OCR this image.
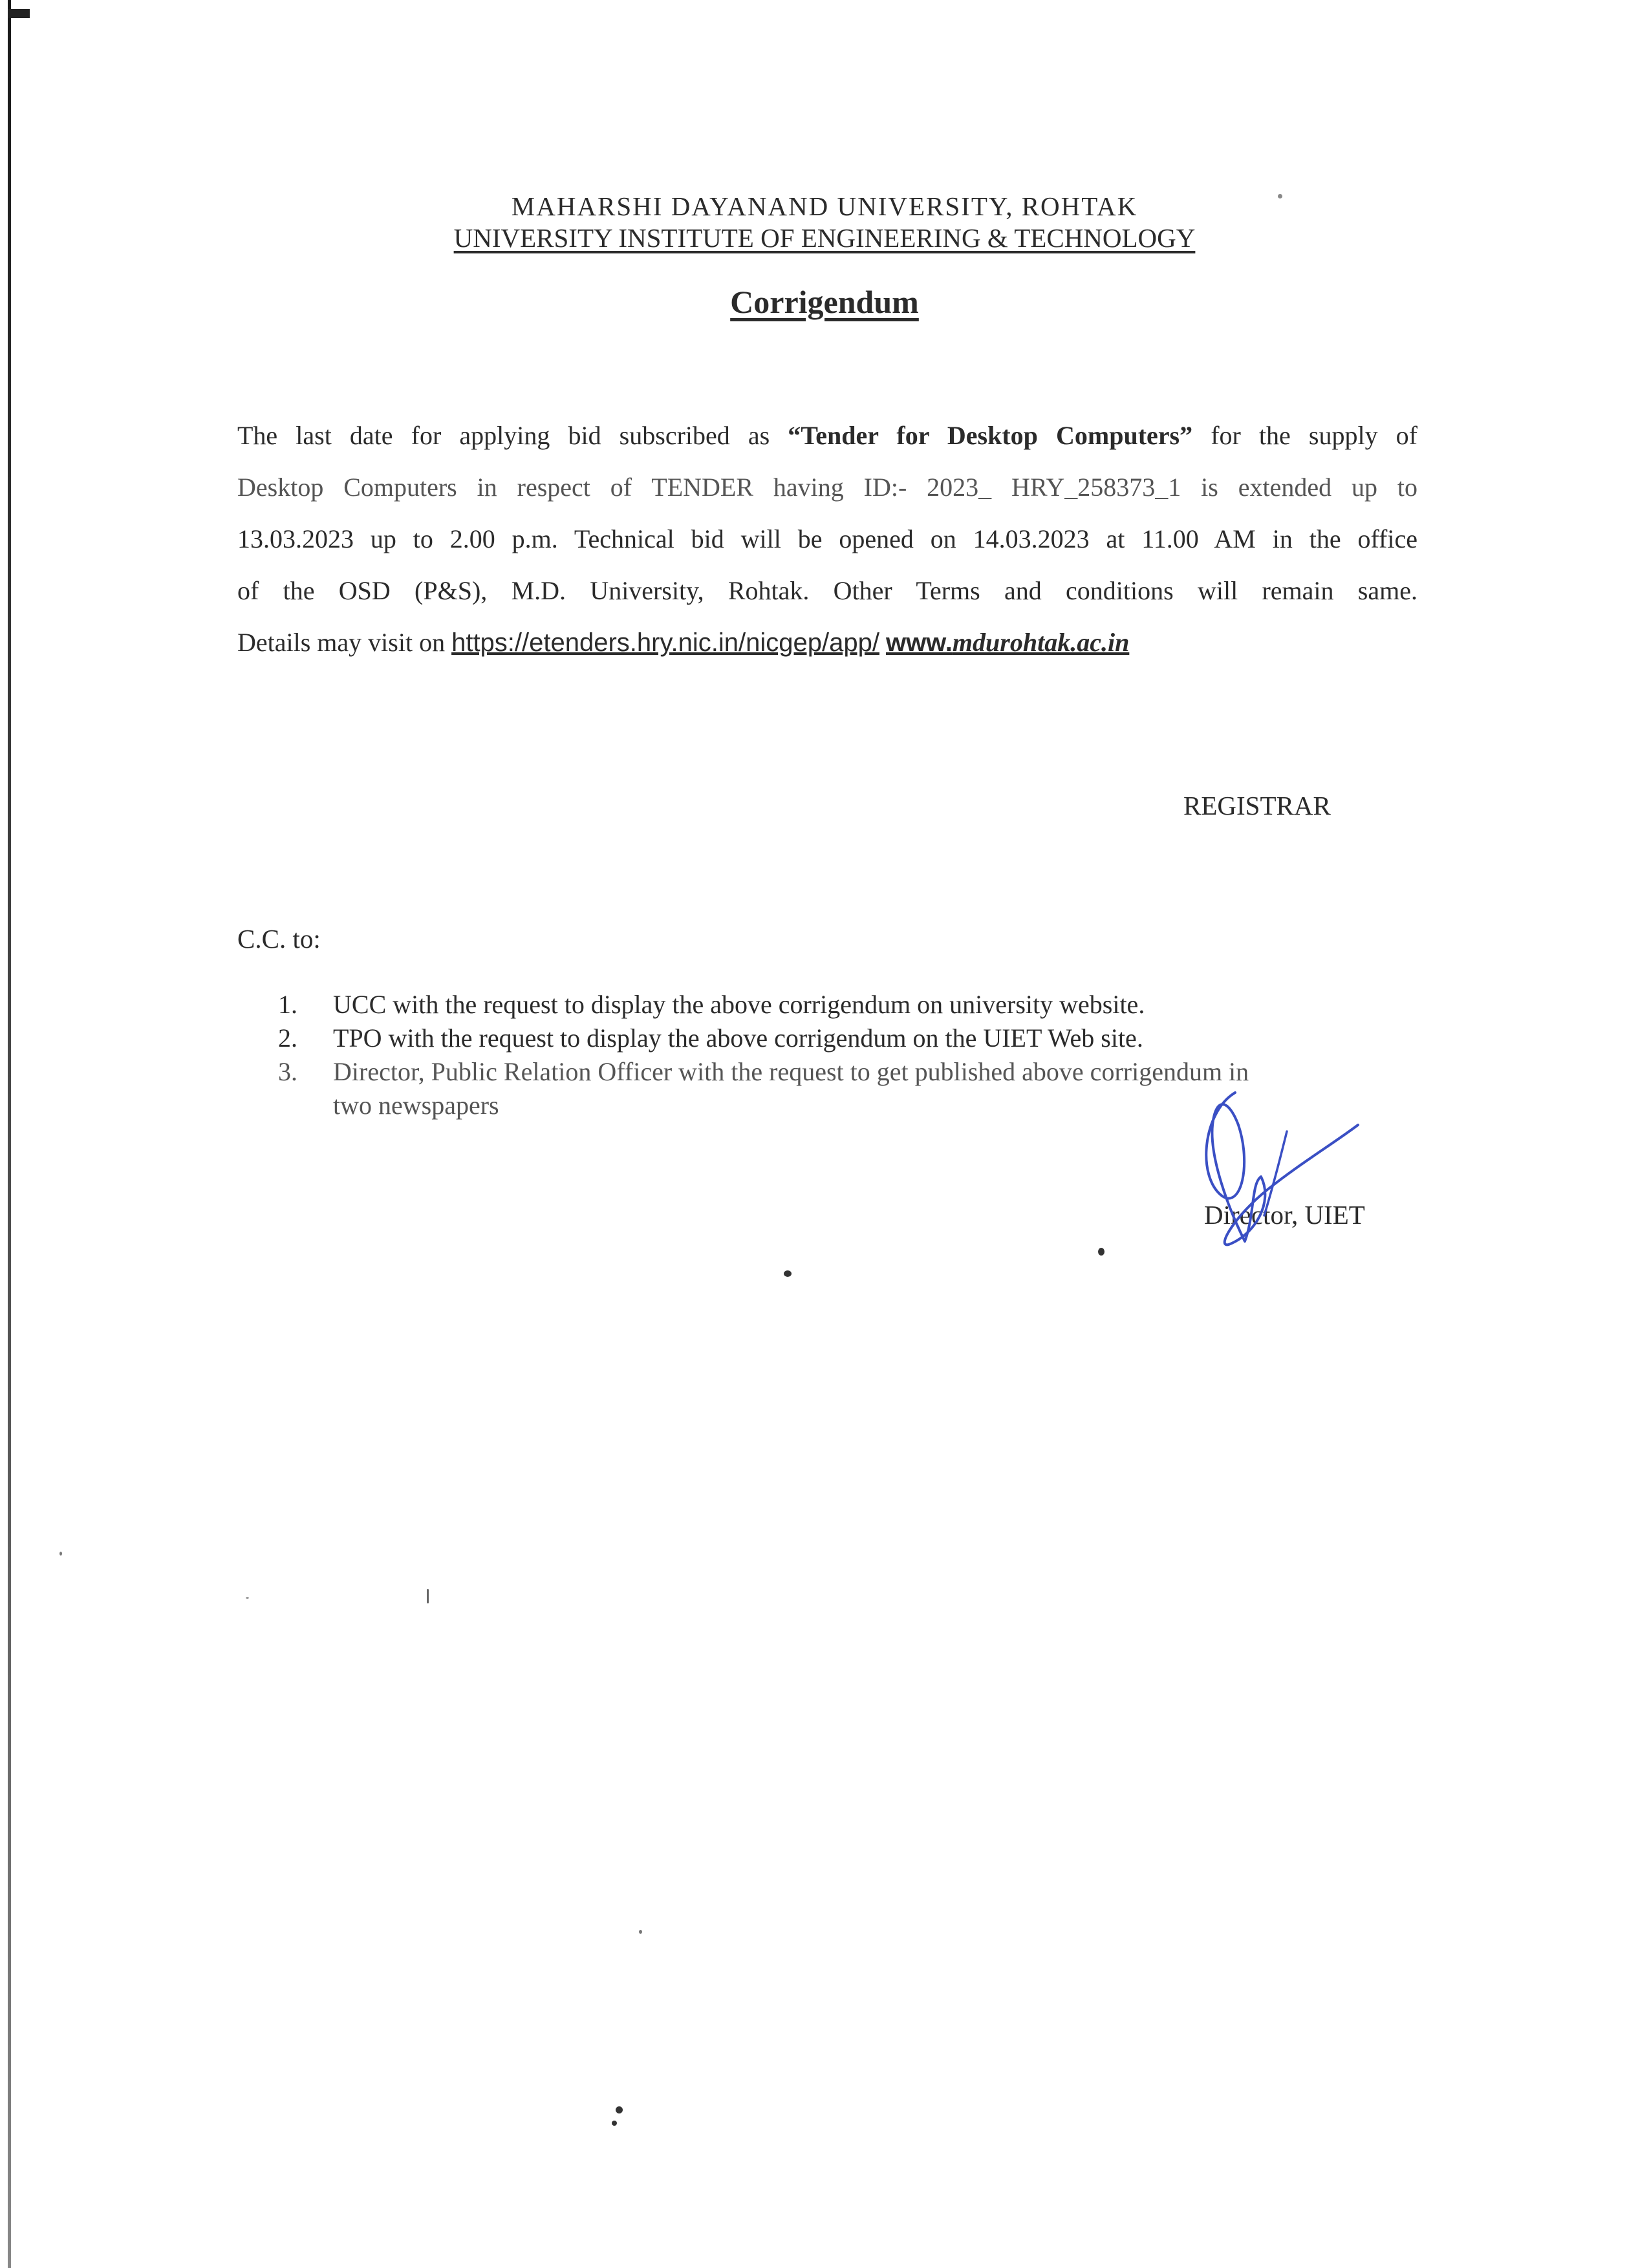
MAHARSHI DAYANAND UNIVERSITY, ROHTAK
UNIVERSITY INSTITUTE OF ENGINEERING & TECHNOLOGY
Corrigendum
The last date for applying bid subscribed as “Tender for Desktop Computers” for the supply of
Desktop Computers in respect of TENDER having ID:- 2023_ HRY_258373_1 is extended up to
13.03.2023 up to 2.00 p.m. Technical bid will be opened on 14.03.2023 at 11.00 AM in the office
of the OSD (P&S), M.D. University, Rohtak. Other Terms and conditions will remain same.
Details may visit on https://etenders.hry.nic.in/nicgep/app/ www.mdurohtak.ac.in
REGISTRAR
C.C. to:
1.	UCC with the request to display the above corrigendum on university website.
2.	TPO with the request to display the above corrigendum on the UIET Web site.
3.	Director, Public Relation Officer with the request to get published above corrigendum in
two newspapers
Director, UIET
